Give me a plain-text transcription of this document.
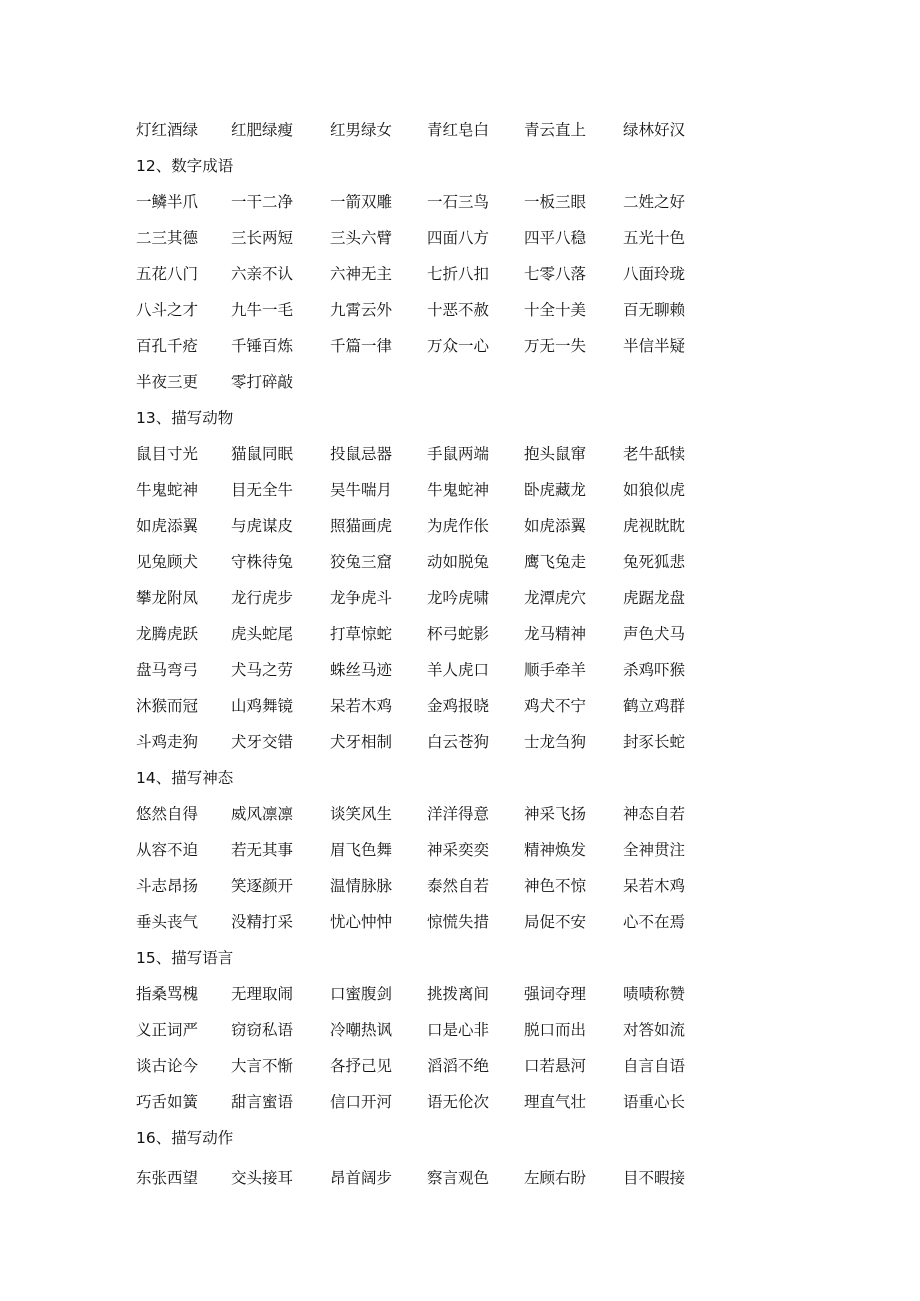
灯红酒绿 红肥绿瘦 红男绿女 青红皂白 青云直上 绿林好汉
12、数字成语
一鳞半爪 一干二净 一箭双雕 一石三鸟 一板三眼 二姓之好
二三其德 三长两短 三头六臂 四面八方 四平八稳 五光十色
五花八门 六亲不认 六神无主 七折八扣 七零八落 八面玲珑
八斗之才 九牛一毛 九霄云外 十恶不赦 十全十美 百无聊赖
百孔千疮 千锤百炼 千篇一律 万众一心 万无一失 半信半疑
半夜三更 零打碎敲
13、描写动物
鼠目寸光 猫鼠同眠 投鼠忌器 手鼠两端 抱头鼠窜 老牛舐犊
牛鬼蛇神 目无全牛 吴牛喘月 牛鬼蛇神 卧虎藏龙 如狼似虎
如虎添翼 与虎谋皮 照猫画虎 为虎作伥 如虎添翼 虎视眈眈
见兔顾犬 守株待兔 狡兔三窟 动如脱兔 鹰飞兔走 兔死狐悲
攀龙附凤 龙行虎步 龙争虎斗 龙吟虎啸 龙潭虎穴 虎踞龙盘
龙腾虎跃 虎头蛇尾 打草惊蛇 杯弓蛇影 龙马精神 声色犬马
盘马弯弓 犬马之劳 蛛丝马迹 羊人虎口 顺手牵羊 杀鸡吓猴
沐猴而冠 山鸡舞镜 呆若木鸡 金鸡报晓 鸡犬不宁 鹤立鸡群
斗鸡走狗 犬牙交错 犬牙相制 白云苍狗 士龙刍狗 封豕长蛇
14、描写神态
悠然自得 威风凛凛 谈笑风生 洋洋得意 神采飞扬 神态自若
从容不迫 若无其事 眉飞色舞 神采奕奕 精神焕发 全神贯注
斗志昂扬 笑逐颜开 温情脉脉 泰然自若 神色不惊 呆若木鸡
垂头丧气 没精打采 忧心忡忡 惊慌失措 局促不安 心不在焉
15、描写语言
指桑骂槐 无理取闹 口蜜腹剑 挑拨离间 强词夺理 啧啧称赞
义正词严 窃窃私语 冷嘲热讽 口是心非 脱口而出 对答如流
谈古论今 大言不惭 各抒己见 滔滔不绝 口若悬河 自言自语
巧舌如簧 甜言蜜语 信口开河 语无伦次 理直气壮 语重心长
16、描写动作
东张西望 交头接耳 昂首阔步 察言观色 左顾右盼 目不暇接
